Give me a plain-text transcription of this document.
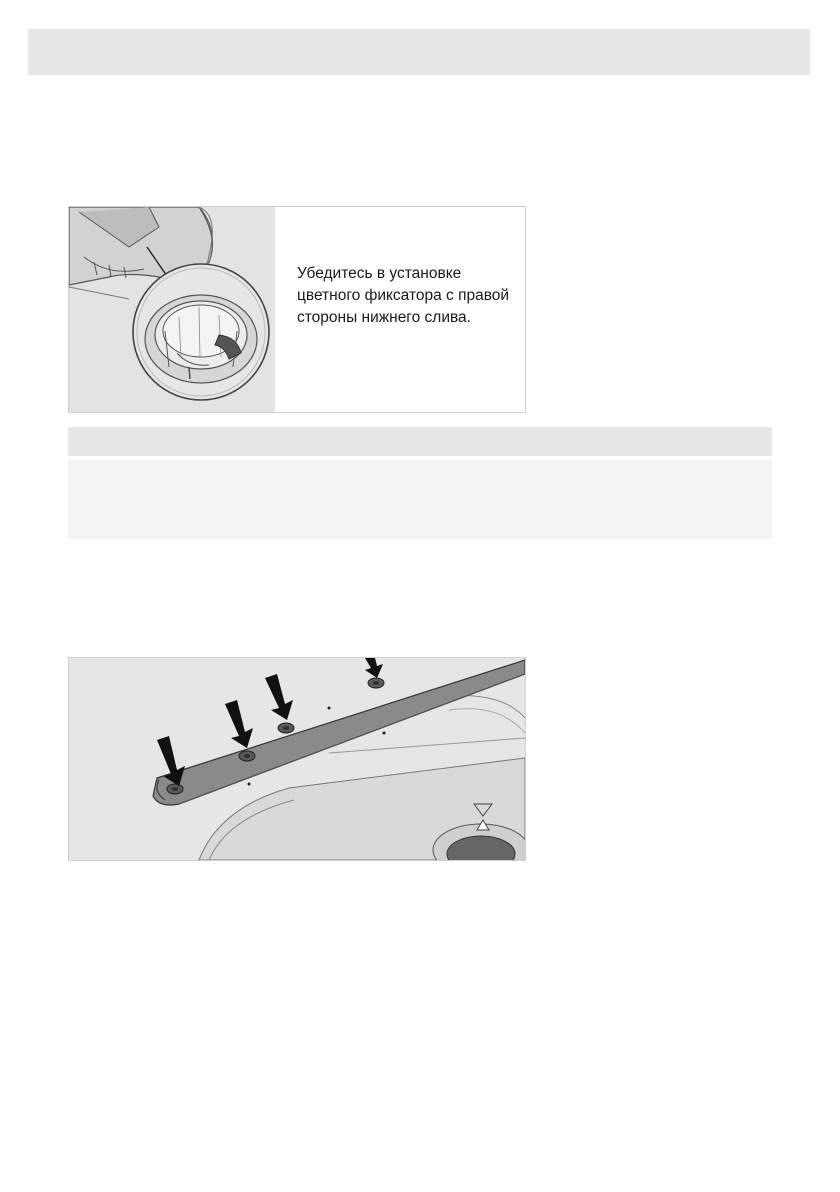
Убедитесь в установке цветного фиксатора с правой стороны нижнего слива.
